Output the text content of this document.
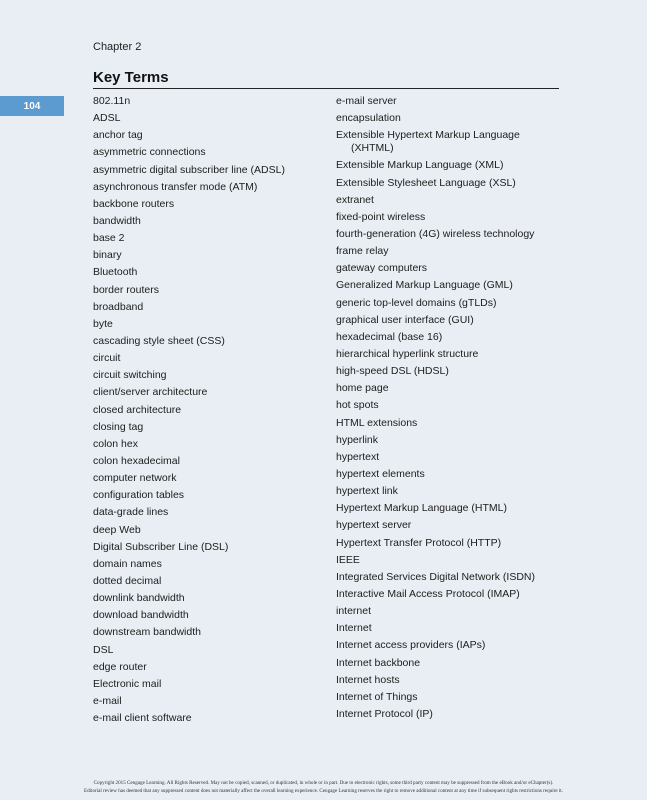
Chapter 2
Key Terms
104	802.11n
ADSL
anchor tag
asymmetric connections
asymmetric digital subscriber line (ADSL)
asynchronous transfer mode (ATM)
backbone routers
bandwidth
base 2
binary
Bluetooth
border routers
broadband
byte
cascading style sheet (CSS)
circuit
circuit switching
client/server architecture
closed architecture
closing tag
colon hex
colon hexadecimal
computer network
configuration tables
data-grade lines
deep Web
Digital Subscriber Line (DSL)
domain names
dotted decimal
downlink bandwidth
download bandwidth
downstream bandwidth
DSL
edge router
Electronic mail
e-mail
e-mail client software
e-mail server
encapsulation
Extensible Hypertext Markup Language
(XHTML)
Extensible Markup Language (XML)
Extensible Stylesheet Language (XSL)
extranet
fixed-point wireless
fourth-generation (4G) wireless technology
frame relay
gateway computers
Generalized Markup Language (GML)
generic top-level domains (gTLDs)
graphical user interface (GUI)
hexadecimal (base 16)
hierarchical hyperlink structure
high-speed DSL (HDSL)
home page
hot spots
HTML extensions
hyperlink
hypertext
hypertext elements
hypertext link
Hypertext Markup Language (HTML)
hypertext server
Hypertext Transfer Protocol (HTTP)
IEEE
Integrated Services Digital Network (ISDN)
Interactive Mail Access Protocol (IMAP)
internet
Internet
Internet access providers (IAPs)
Internet backbone
Internet hosts
Internet of Things
Internet Protocol (IP)
Copyright 2015 Cengage Learning. All Rights Reserved. May not be copied, scanned, or duplicated, in whole or in part. Due to electronic rights, some third party content may be suppressed from the eBook and/or eChapter(s).
Editorial review has deemed that any suppressed content does not materially affect the overall learning experience. Cengage Learning reserves the right to remove additional content at any time if subsequent rights restrictions require it.
